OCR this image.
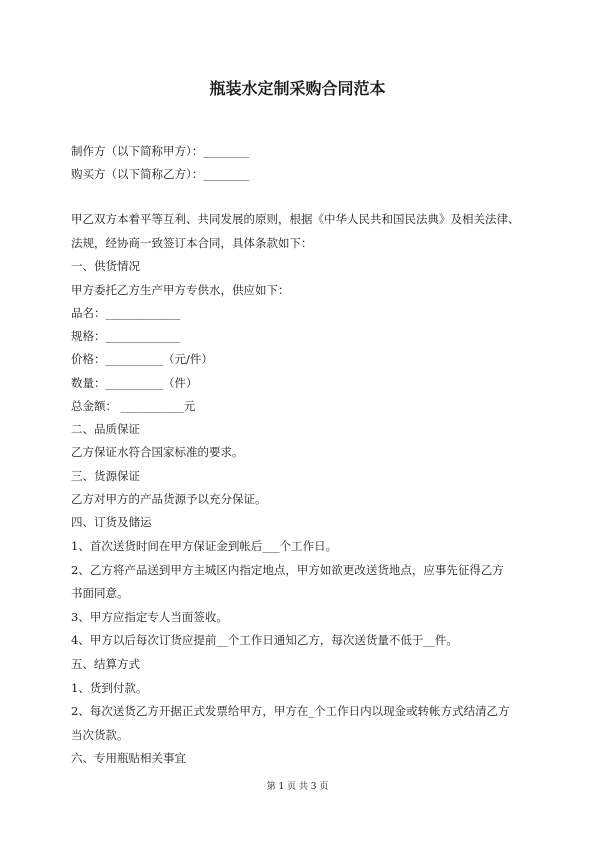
瓶装水定制采购合同范本
制作方（以下简称甲方）：________
购买方（以下简称乙方）：________
甲乙双方本着平等互利、共同发展的原则，根据《中华人民共和国民法典》及相关法律、
法规，经协商一致签订本合同，具体条款如下：
一、供货情况
甲方委托乙方生产甲方专供水，供应如下：
品名：_____________
规格：_____________
价格：__________（元/件）
数量：__________（件）
总金额： ___________元
二、品质保证
乙方保证水符合国家标准的要求。
三、货源保证
乙方对甲方的产品货源予以充分保证。
四、订货及储运
1、首次送货时间在甲方保证金到帐后___个工作日。
2、乙方将产品送到甲方主城区内指定地点，甲方如欲更改送货地点，应事先征得乙方
书面同意。
3、甲方应指定专人当面签收。
4、甲方以后每次订货应提前__个工作日通知乙方，每次送货量不低于__件。
五、结算方式
1、货到付款。
2、每次送货乙方开据正式发票给甲方，甲方在_个工作日内以现金或转帐方式结清乙方
当次货款。
六、专用瓶贴相关事宜
第 1 页 共 3 页
